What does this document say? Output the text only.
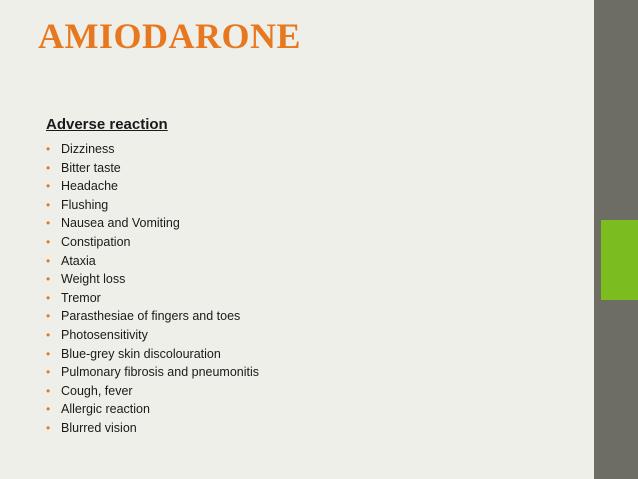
AMIODARONE
Adverse reaction
• Dizziness
• Bitter taste
• Headache
• Flushing
• Nausea and Vomiting
• Constipation
• Ataxia
• Weight loss
• Tremor
• Parasthesiae of fingers and toes
• Photosensitivity
• Blue-grey skin discolouration
• Pulmonary fibrosis and pneumonitis
• Cough, fever
• Allergic reaction
• Blurred vision
